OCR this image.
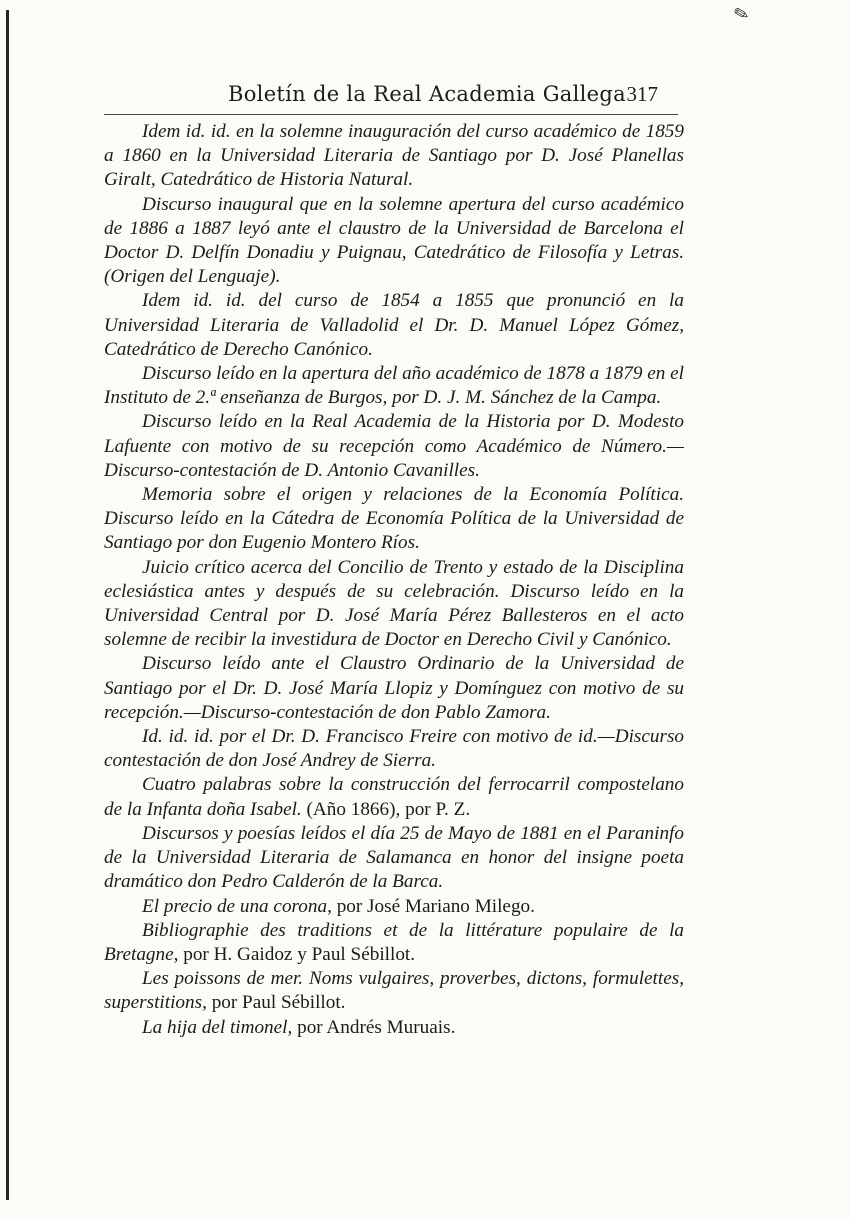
✎
Boletín de la Real Academia Gallega 317

Idem id. id. en la solemne inauguración del curso académico de 1859 a 1860 en la Universidad Literaria de Santiago por D. José Planellas Giralt, Catedrático de Historia Natural.

Discurso inaugural que en la solemne apertura del curso académico de 1886 a 1887 leyó ante el claustro de la Universidad de Barcelona el Doctor D. Delfín Donadiu y Puignau, Catedrático de Filosofía y Letras. (Origen del Lenguaje).

Idem id. id. del curso de 1854 a 1855 que pronunció en la Universidad Literaria de Valladolid el Dr. D. Manuel López Gómez, Catedrático de Derecho Canónico.

Discurso leído en la apertura del año académico de 1878 a 1879 en el Instituto de 2.ª enseñanza de Burgos, por D. J. M. Sánchez de la Campa.

Discurso leído en la Real Academia de la Historia por D. Modesto Lafuente con motivo de su recepción como Académico de Número.—Discurso-contestación de D. Antonio Cavanilles.

Memoria sobre el origen y relaciones de la Economía Política. Discurso leído en la Cátedra de Economía Política de la Universidad de Santiago por don Eugenio Montero Ríos.

Juicio crítico acerca del Concilio de Trento y estado de la Disciplina eclesiástica antes y después de su celebración. Discurso leído en la Universidad Central por D. José María Pérez Ballesteros en el acto solemne de recibir la investidura de Doctor en Derecho Civil y Canónico.

Discurso leído ante el Claustro Ordinario de la Universidad de Santiago por el Dr. D. José María Llopiz y Domínguez con motivo de su recepción.—Discurso-contestación de don Pablo Zamora.

Id. id. id. por el Dr. D. Francisco Freire con motivo de id.—Discurso contestación de don José Andrey de Sierra.

Cuatro palabras sobre la construcción del ferrocarril compostelano de la Infanta doña Isabel. (Año 1866), por P. Z.

Discursos y poesías leídos el día 25 de Mayo de 1881 en el Paraninfo de la Universidad Literaria de Salamanca en honor del insigne poeta dramático don Pedro Calderón de la Barca.

El precio de una corona, por José Mariano Milego.

Bibliographie des traditions et de la littérature populaire de la Bretagne, por H. Gaidoz y Paul Sébillot.

Les poissons de mer. Noms vulgaires, proverbes, dictons, formulettes, superstitions, por Paul Sébillot.

La hija del timonel, por Andrés Muruais.
